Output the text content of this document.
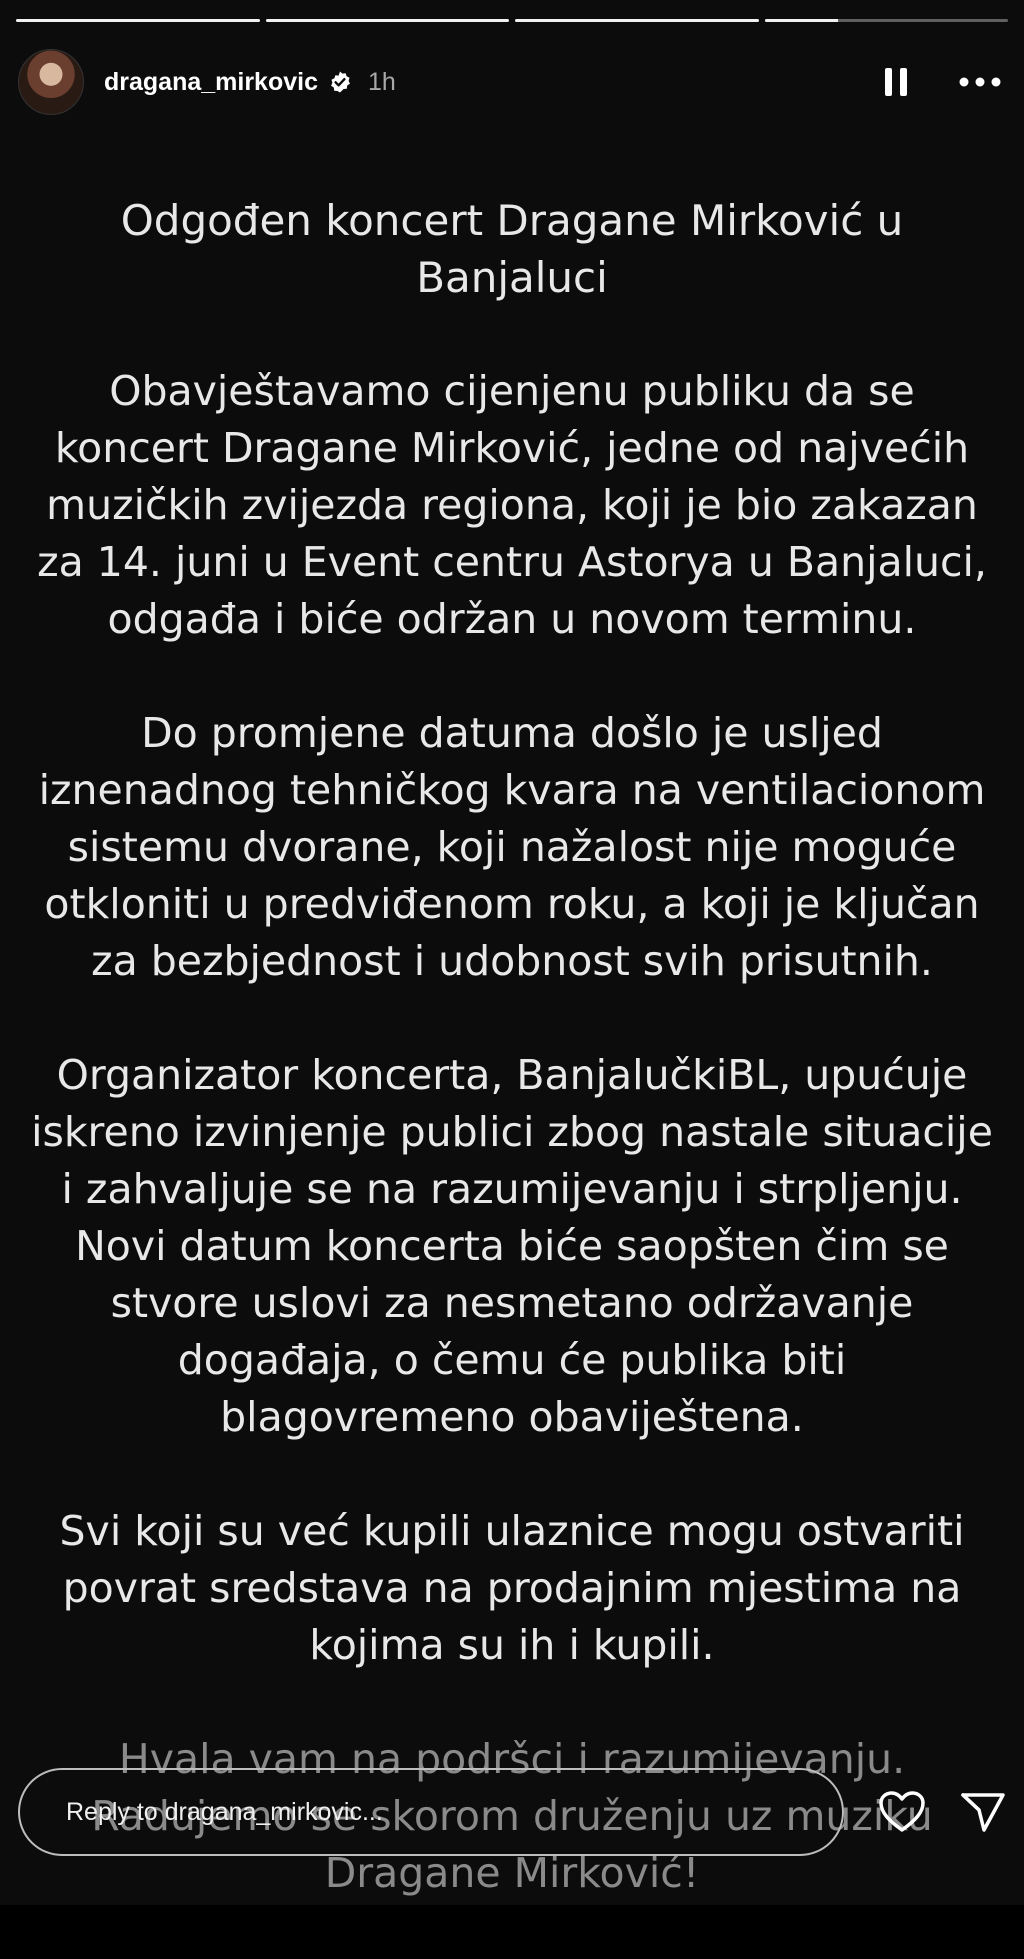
dragana_mirkovic 1h

Odgođen koncert Dragane Mirković u Banjaluci

Obavještavamo cijenjenu publiku da se koncert Dragane Mirković, jedne od najvećih muzičkih zvijezda regiona, koji je bio zakazan za 14. juni u Event centru Astorya u Banjaluci, odgađa i biće održan u novom terminu.

Do promjene datuma došlo je usljed iznenadnog tehničkog kvara na ventilacionom sistemu dvorane, koji nažalost nije moguće otkloniti u predviđenom roku, a koji je ključan za bezbjednost i udobnost svih prisutnih.

Organizator koncerta, BanjalučkiBL, upućuje iskreno izvinjenje publici zbog nastale situacije i zahvaljuje se na razumijevanju i strpljenju. Novi datum koncerta biće saopšten čim se stvore uslovi za nesmetano održavanje događaja, o čemu će publika biti blagovremeno obaviještena.

Svi koji su već kupili ulaznice mogu ostvariti povrat sredstava na prodajnim mjestima na kojima su ih i kupili.

Hvala vam na podršci i razumijevanju. Radujemo se skorom druženju uz muziku Dragane Mirković!

Reply to dragana_mirkovic...
